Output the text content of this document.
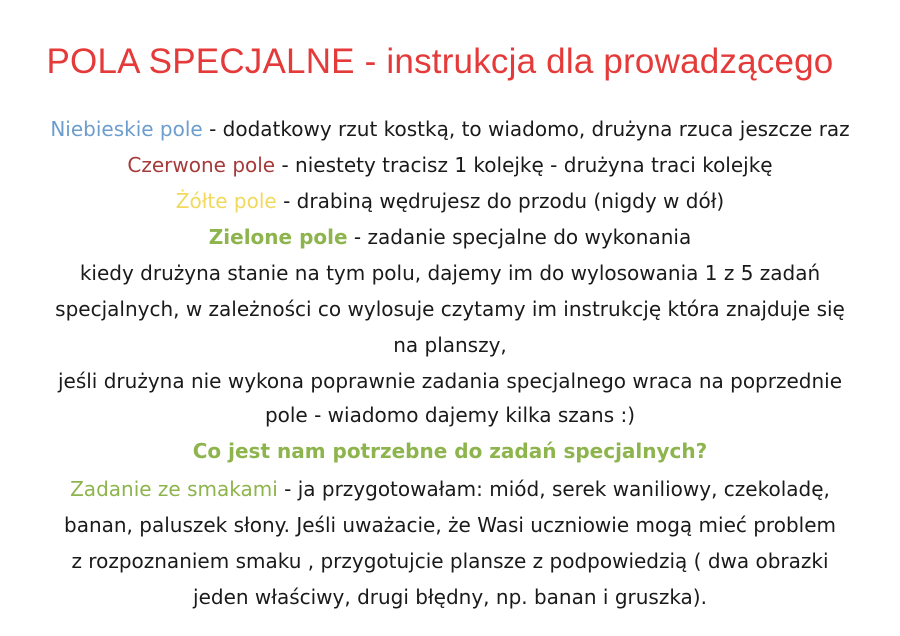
POLA SPECJALNE - instrukcja dla prowadzącego
Niebieskie pole - dodatkowy rzut kostką, to wiadomo, drużyna rzuca jeszcze raz
Czerwone pole - niestety tracisz 1 kolejkę - drużyna traci kolejkę
Żółte pole - drabiną wędrujesz do przodu (nigdy w dół)
Zielone pole - zadanie specjalne do wykonania
kiedy drużyna stanie na tym polu, dajemy im do wylosowania 1 z 5 zadań
specjalnych, w zależności co wylosuje czytamy im instrukcję która znajduje się
na planszy,
jeśli drużyna nie wykona poprawnie zadania specjalnego wraca na poprzednie
pole - wiadomo dajemy kilka szans :)
Co jest nam potrzebne do zadań specjalnych?
Zadanie ze smakami - ja przygotowałam: miód, serek waniliowy, czekoladę,
banan, paluszek słony. Jeśli uważacie, że Wasi uczniowie mogą mieć problem
z rozpoznaniem smaku , przygotujcie plansze z podpowiedzią ( dwa obrazki
jeden właściwy, drugi błędny, np. banan i gruszka).
